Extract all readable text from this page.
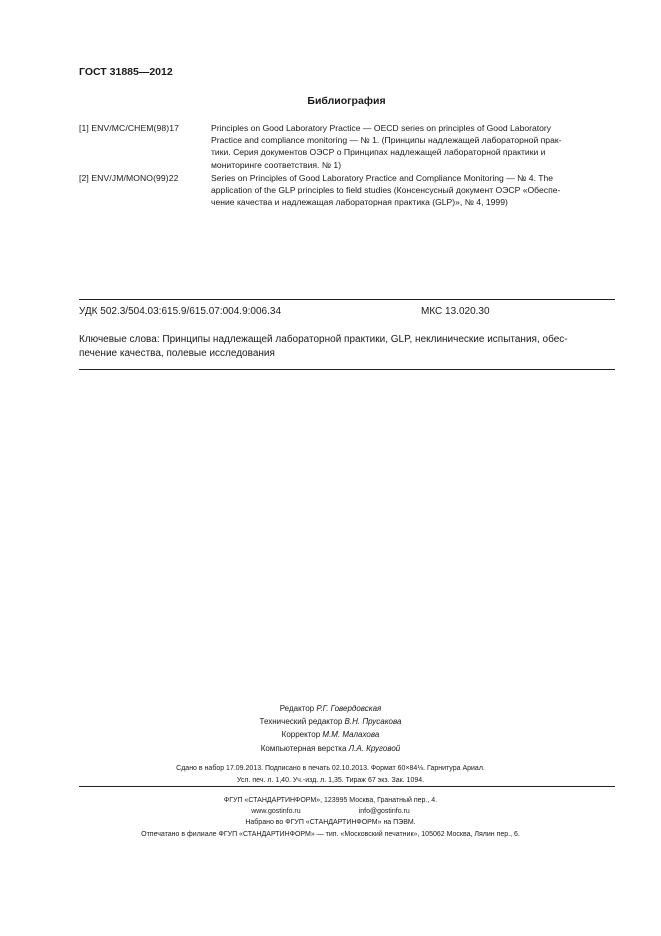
ГОСТ 31885—2012
Библиография
[1] ENV/MC/CHEM(98)17	Principles on Good Laboratory Practice — OECD series on principles of Good Laboratory
Practice and compliance monitoring — № 1. (Принципы надлежащей лабораторной прак-
тики. Серия документов ОЭСР о Принципах надлежащей лабораторной практики и
мониторинге соответствия. № 1)
[2] ENV/JM/MONO(99)22	Series on Principles of Good Laboratory Practice and Compliance Monitoring — № 4. The
application of the GLP principles to field studies (Консенсусный документ ОЭСР «Обеспе-
чение качества и надлежащая лабораторная практика (GLP)», № 4, 1999)
УДК 502.3/504.03:615.9/615.07:004.9:006.34	МКС 13.020.30
Ключевые слова: Принципы надлежащей лабораторной практики, GLP, неклинические испытания, обес-
печение качества, полевые исследования
Редактор Р.Г. Говердовская
Технический редактор В.Н. Прусакова
Корректор М.М. Малахова
Компьютерная верстка Л.А. Круговой
Сдано в набор 17.09.2013. Подписано в печать 02.10.2013. Формат 60×84⅛. Гарнитура Ариал.
Усл. печ. л. 1,40. Уч.-изд. л. 1,35. Тираж 67 экз. Зак. 1094.
ФГУП «СТАНДАРТИНФОРМ», 123995 Москва, Гранатный пер., 4.
www.gostinfo.ru	info@gostinfo.ru
Набрано во ФГУП «СТАНДАРТИНФОРМ» на ПЭВМ.
Отпечатано в филиале ФГУП «СТАНДАРТИНФОРМ» — тип. «Московский печатник», 105062 Москва, Лялин пер., 6.
